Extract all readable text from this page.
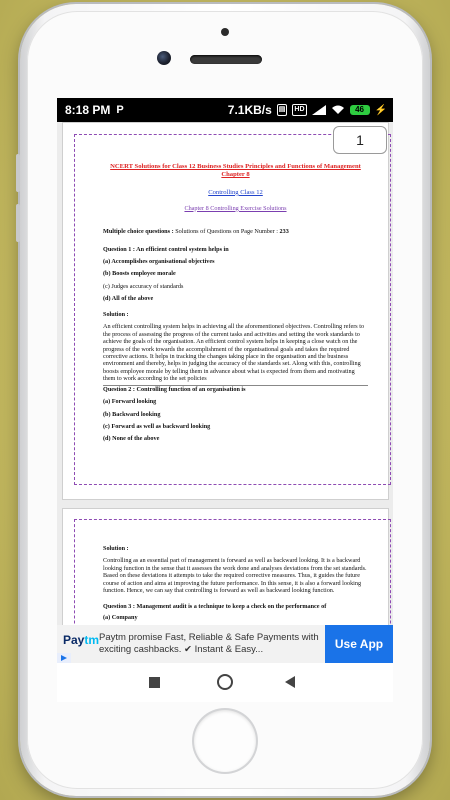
8:18 PM P	7.1KB/s ▤ HD	46	⚡

NCERT Solutions for Class 12 Business Studies Principles and Functions of Management Chapter 8

Controlling Class 12

Chapter 8 Controlling Exercise Solutions

Multiple choice questions : Solutions of Questions on Page Number : 233

Question 1 : An efficient control system helps in

(a) Accomplishes organisational objectives

(b) Boosts employee morale

(c) Judges accuracy of standards

(d) All of the above

Solution :

An efficient controlling system helps in achieving all the aforementioned objectives. Controlling refers to the process of assessing the progress of the current tasks and activities and setting the work standards to achieve the goals of the organisation. An efficient control system helps in keeping a close watch on the progress of the work towards the accomplishment of the organisational goals and takes the required corrective actions. It helps in tracking the changes taking place in the organisation and the business environment and thereby, helps in judging the accuracy of the standards set. Along with this, controlling boosts employee morale by telling them in advance about what is expected from them and motivating them to work according to the set policies

Question 2 : Controlling function of an organisation is

(a) Forward looking

(b) Backward looking

(c) Forward as well as backward looking

(d) None of the above

1

Solution :

Controlling as an essential part of management is forward as well as backward looking. It is a backward looking function in the sense that it assesses the work done and analyses deviations from the set standards. Based on these deviations it attempts to take the required corrective measures. Thus, it guides the future course of action and aims at improving the future performance. In this sense, it is also a forward looking function. Hence, we can say that controlling is forward as well as backward looking function.

Question 3 : Management audit is a technique to keep a check on the performance of

(a) Company

Paytm Paytm promise Fast, Reliable & Safe Payments with exciting cashbacks. ✔ Instant & Easy...	Use App
